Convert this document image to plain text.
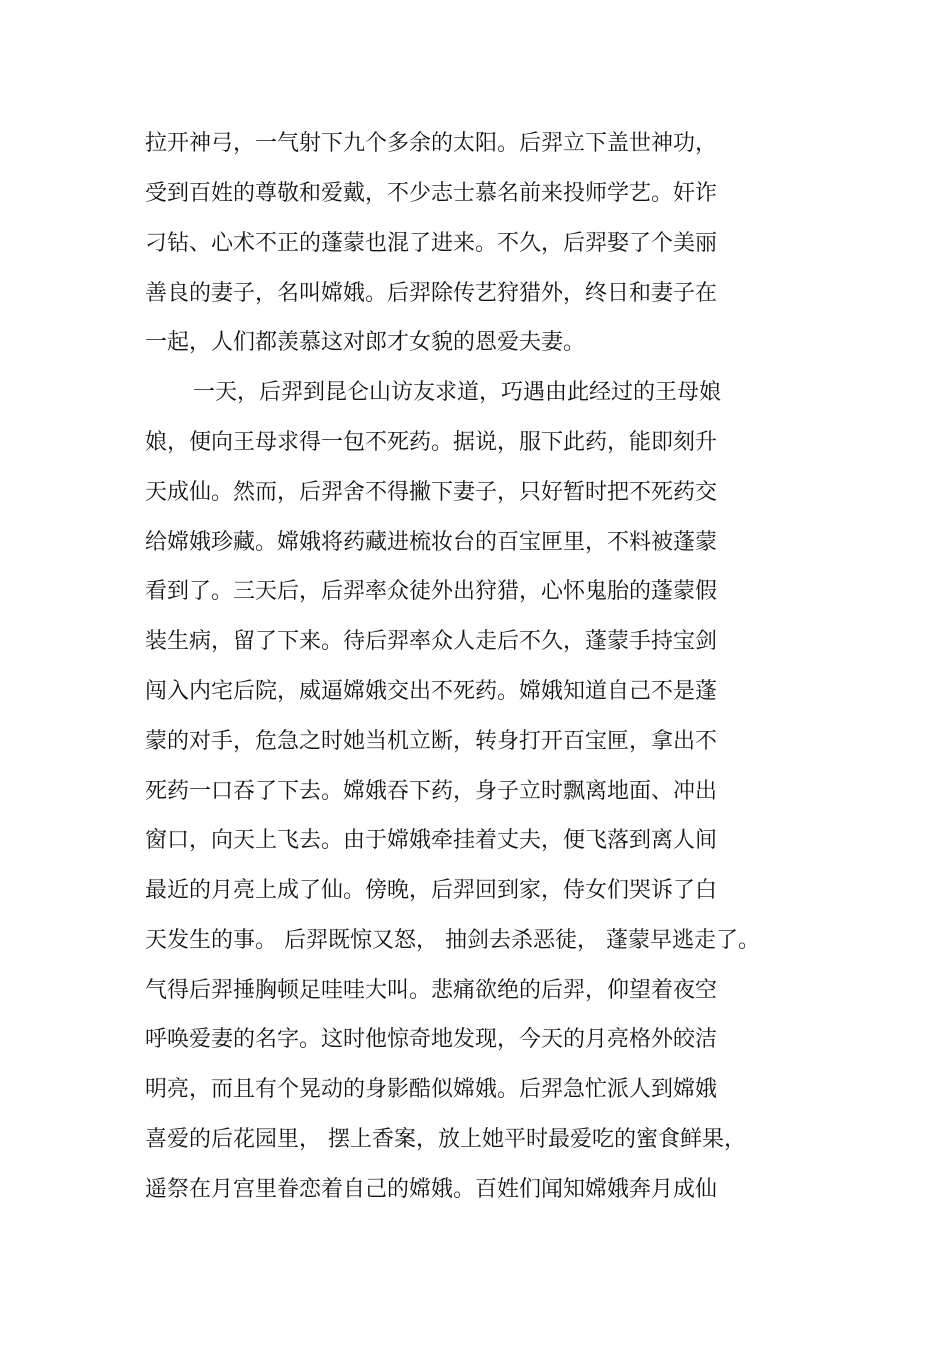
拉开神弓，一气射下九个多余的太阳。后羿立下盖世神功，

受到百姓的尊敬和爱戴，不少志士慕名前来投师学艺。奸诈

刁钻、心术不正的蓬蒙也混了进来。不久，后羿娶了个美丽

善良的妻子，名叫嫦娥。后羿除传艺狩猎外，终日和妻子在

一起，人们都羡慕这对郎才女貌的恩爱夫妻。

一天，后羿到昆仑山访友求道，巧遇由此经过的王母娘

娘，便向王母求得一包不死药。据说，服下此药，能即刻升

天成仙。然而，后羿舍不得撇下妻子，只好暂时把不死药交

给嫦娥珍藏。嫦娥将药藏进梳妆台的百宝匣里，不料被蓬蒙

看到了。三天后，后羿率众徒外出狩猎，心怀鬼胎的蓬蒙假

装生病，留了下来。待后羿率众人走后不久，蓬蒙手持宝剑

闯入内宅后院，威逼嫦娥交出不死药。嫦娥知道自己不是蓬

蒙的对手，危急之时她当机立断，转身打开百宝匣，拿出不

死药一口吞了下去。嫦娥吞下药，身子立时飘离地面、冲出

窗口，向天上飞去。由于嫦娥牵挂着丈夫，便飞落到离人间

最近的月亮上成了仙。傍晚，后羿回到家，侍女们哭诉了白

天发生的事。 后羿既惊又怒， 抽剑去杀恶徒， 蓬蒙早逃走了。

气得后羿捶胸顿足哇哇大叫。悲痛欲绝的后羿，仰望着夜空

呼唤爱妻的名字。这时他惊奇地发现，今天的月亮格外皎洁

明亮，而且有个晃动的身影酷似嫦娥。后羿急忙派人到嫦娥

喜爱的后花园里， 摆上香案，放上她平时最爱吃的蜜食鲜果，

遥祭在月宫里眷恋着自己的嫦娥。百姓们闻知嫦娥奔月成仙
